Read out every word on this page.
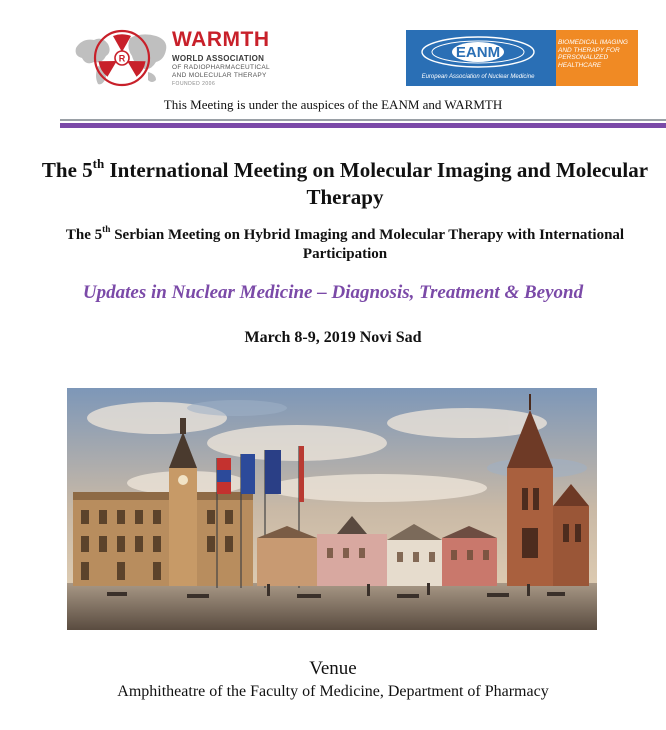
R
WARMTH
WORLD ASSOCIATION
OF RADIOPHARMACEUTICAL
AND MOLECULAR THERAPY
FOUNDED 2006
EANM
European Association of Nuclear Medicine
BIOMEDICAL IMAGING AND THERAPY FOR PERSONALIZED HEALTHCARE
This Meeting is under the auspices of the EANM and WARMTH
The 5th International Meeting on Molecular Imaging and Molecular Therapy
The 5th Serbian Meeting on Hybrid Imaging and Molecular Therapy with International Participation
Updates in Nuclear Medicine – Diagnosis, Treatment & Beyond
March 8-9, 2019 Novi Sad
Venue
Amphitheatre of the Faculty of Medicine, Department of Pharmacy
